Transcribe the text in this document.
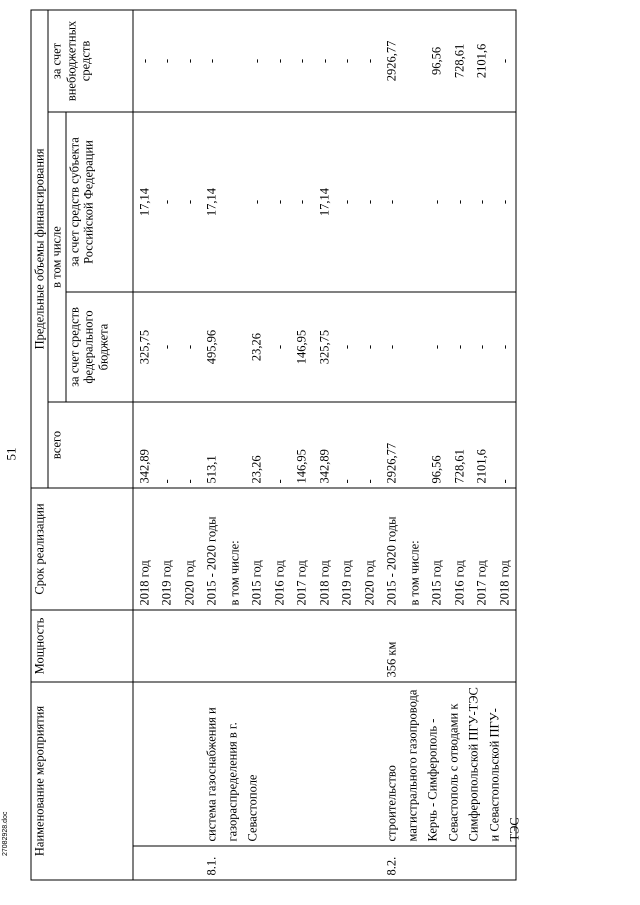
51
Наименование мероприятия		Мощность	Срок реализации	Предельные объемы финансирования			
				всего	в том числе		за счет внебюджетных средств
					за счет средств федерального бюджета	за счет средств субъекта Российской Федерации	
			2018 год	342,89	325,75	17,14	-
			2019 год	-	-	-	-
			2020 год	-	-	-	-
8.1.	система газоснабжения и газораспределения в г. Севастополе		2015 - 2020 годы	513,1	495,96	17,14	-
			в том числе:				
			2015 год	23,26	23,26	-	-
			2016 год	-	-	-	-
			2017 год	146,95	146,95	-	-
			2018 год	342,89	325,75	17,14	-
			2019 год	-	-	-	-
			2020 год	-	-	-	-
8.2.	строительство магистрального газопровода Керчь - Симферополь - Севастополь с отводами к Симферопольской ПГУ-ТЭС и Севастопольской ПГУ-ТЭС	356 км	2015 - 2020 годы	2926,77	-	-	2926,77
			в том числе:				
			2015 год	96,56	-	-	96,56
			2016 год	728,61	-	-	728,61
			2017 год	2101,6	-	-	2101,6
			2018 год	-	-	-	-
27082928.doc
